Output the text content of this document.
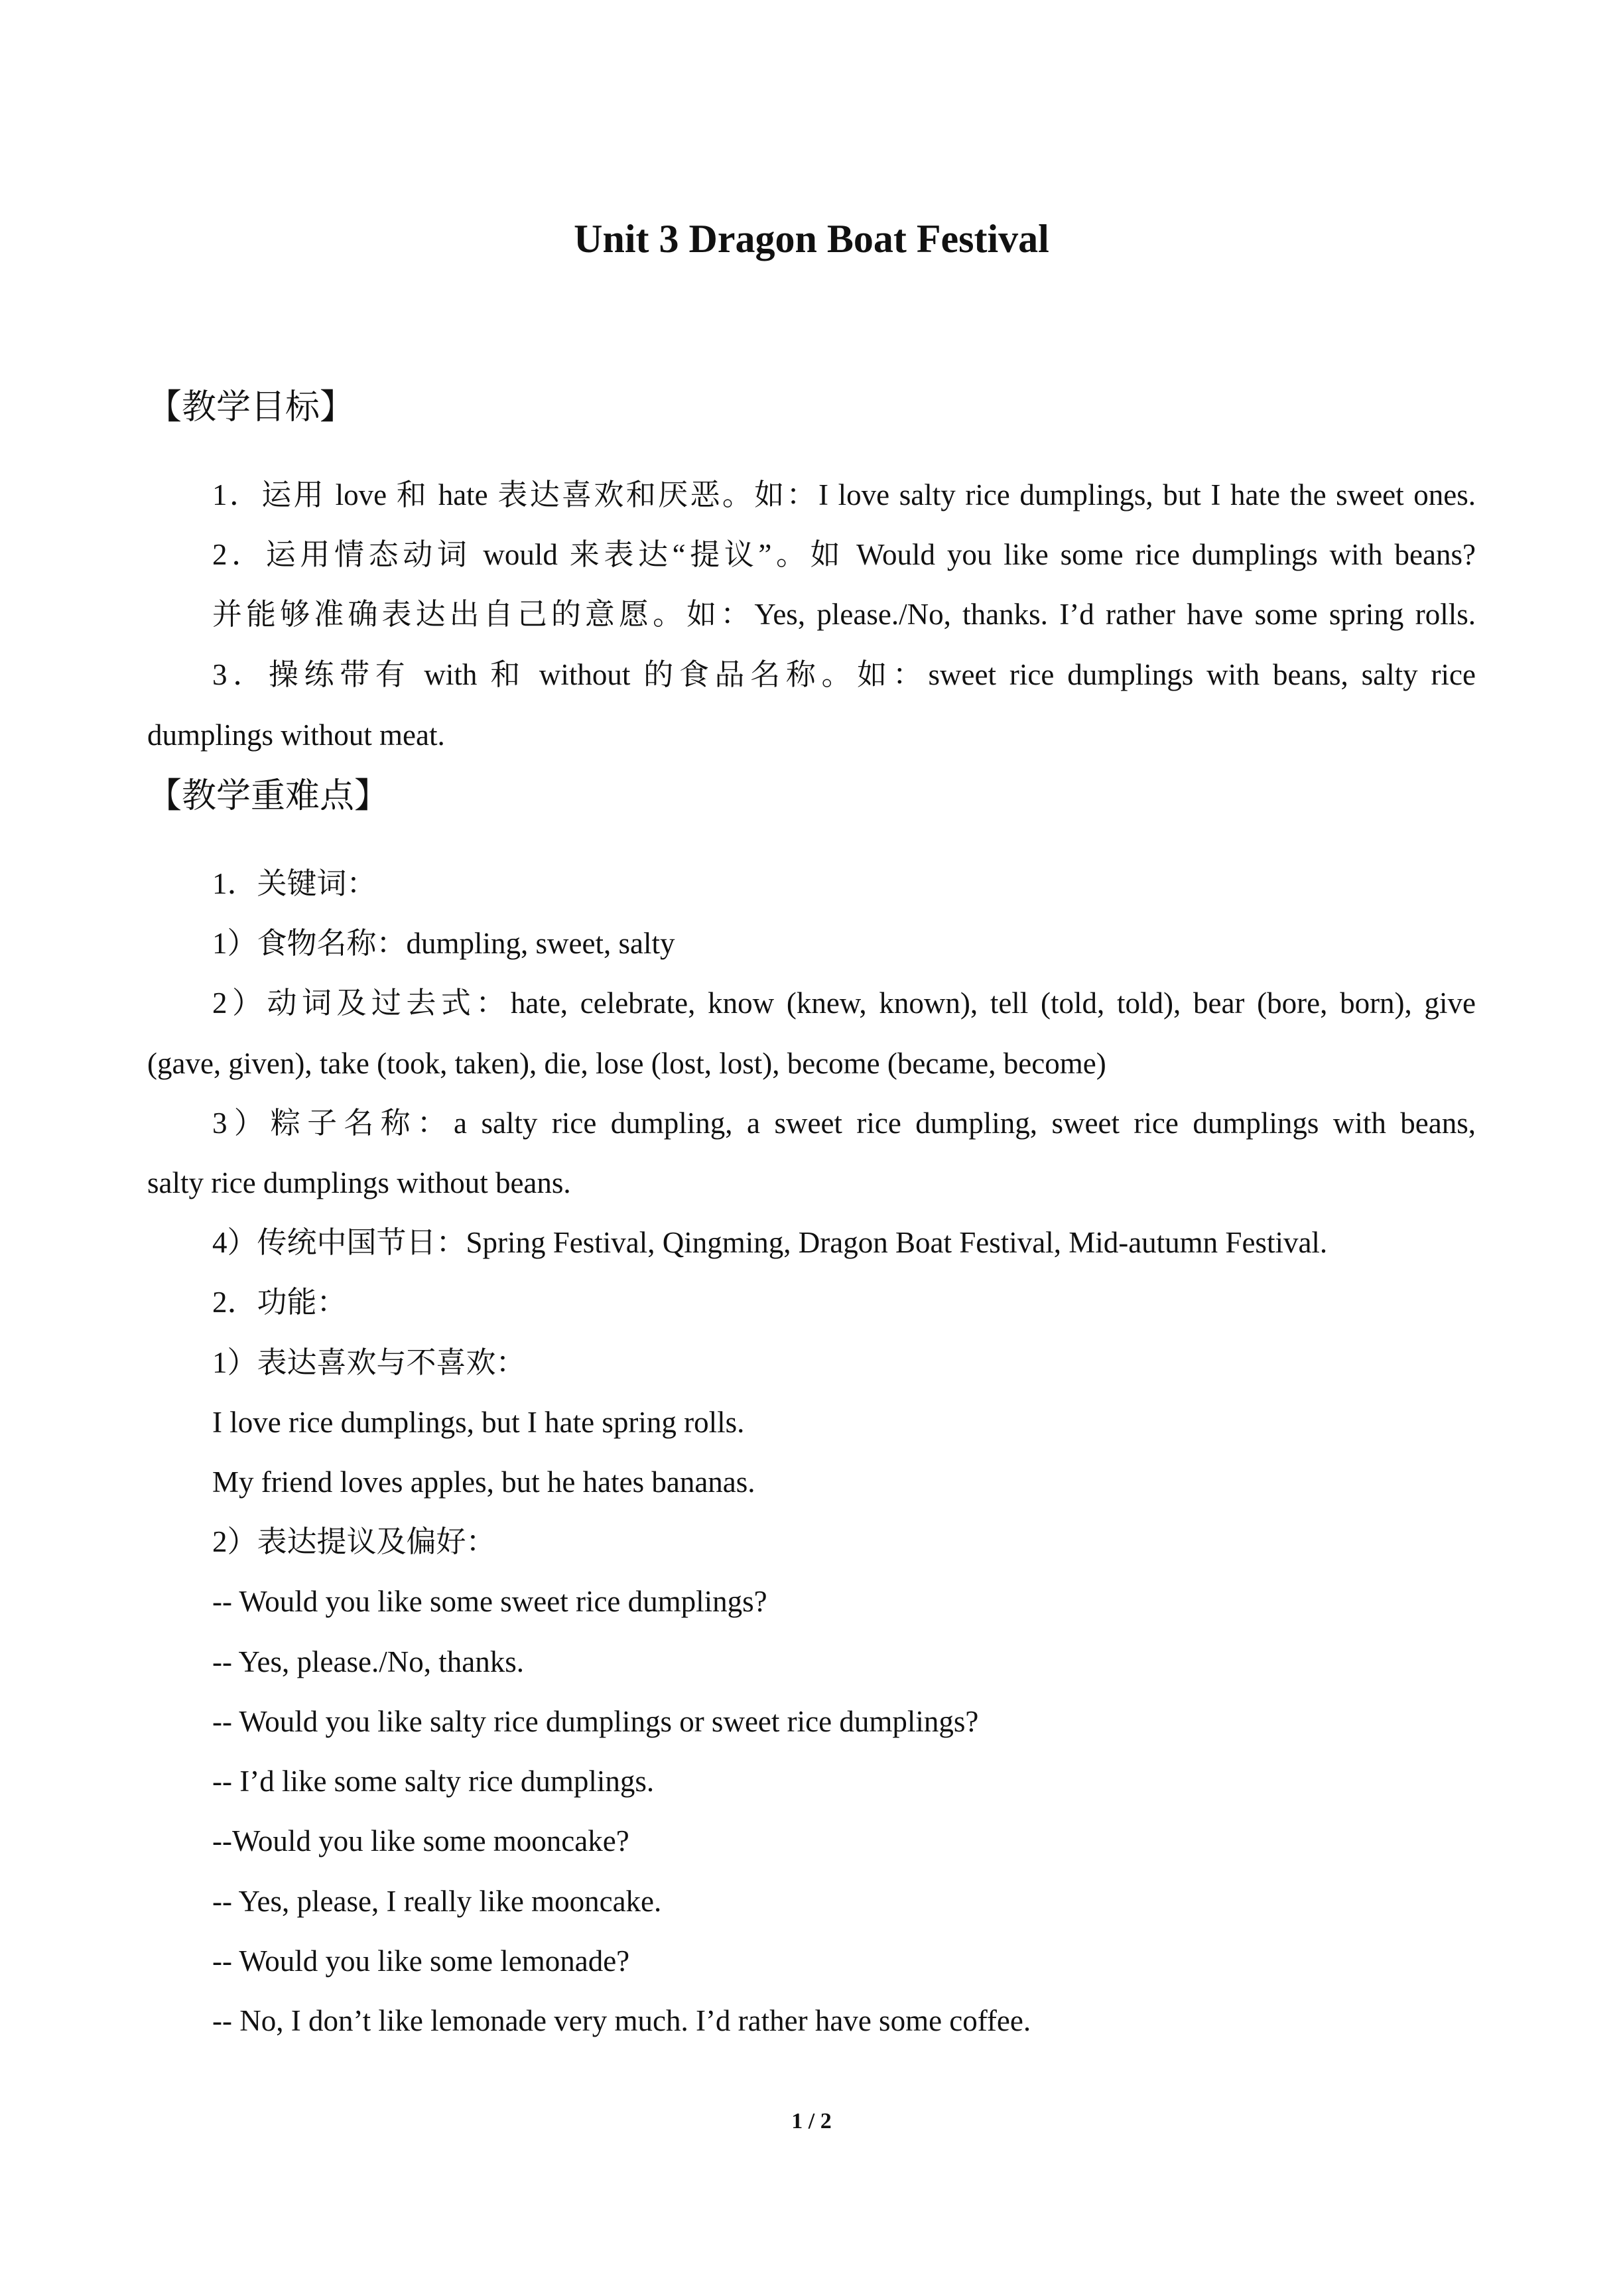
Unit 3 Dragon Boat Festival
【教学目标】
1．运用 love 和 hate 表达喜欢和厌恶。如：I love salty rice dumplings, but I hate the sweet ones.
2．运用情态动词 would 来表达“提议”。如 Would you like some rice dumplings with beans?
并能够准确表达出自己的意愿。如：Yes, please./No, thanks. I’d rather have some spring rolls.
3．操练带有 with 和 without 的食品名称。如：sweet rice dumplings with beans, salty rice
dumplings without meat.
【教学重难点】
1．关键词：
1）食物名称：dumpling, sweet, salty
2）动词及过去式：hate, celebrate, know (knew, known), tell (told, told), bear (bore, born), give
(gave, given), take (took, taken), die, lose (lost, lost), become (became, become)
3）粽子名称：a salty rice dumpling, a sweet rice dumpling, sweet rice dumplings with beans,
salty rice dumplings without beans.
4）传统中国节日：Spring Festival, Qingming, Dragon Boat Festival, Mid-autumn Festival.
2．功能：
1）表达喜欢与不喜欢：
I love rice dumplings, but I hate spring rolls.
My friend loves apples, but he hates bananas.
2）表达提议及偏好：
-- Would you like some sweet rice dumplings?
-- Yes, please./No, thanks.
-- Would you like salty rice dumplings or sweet rice dumplings?
-- I’d like some salty rice dumplings.
--Would you like some mooncake?
-- Yes, please, I really like mooncake.
-- Would you like some lemonade?
-- No, I don’t like lemonade very much. I’d rather have some coffee.
1 / 2
